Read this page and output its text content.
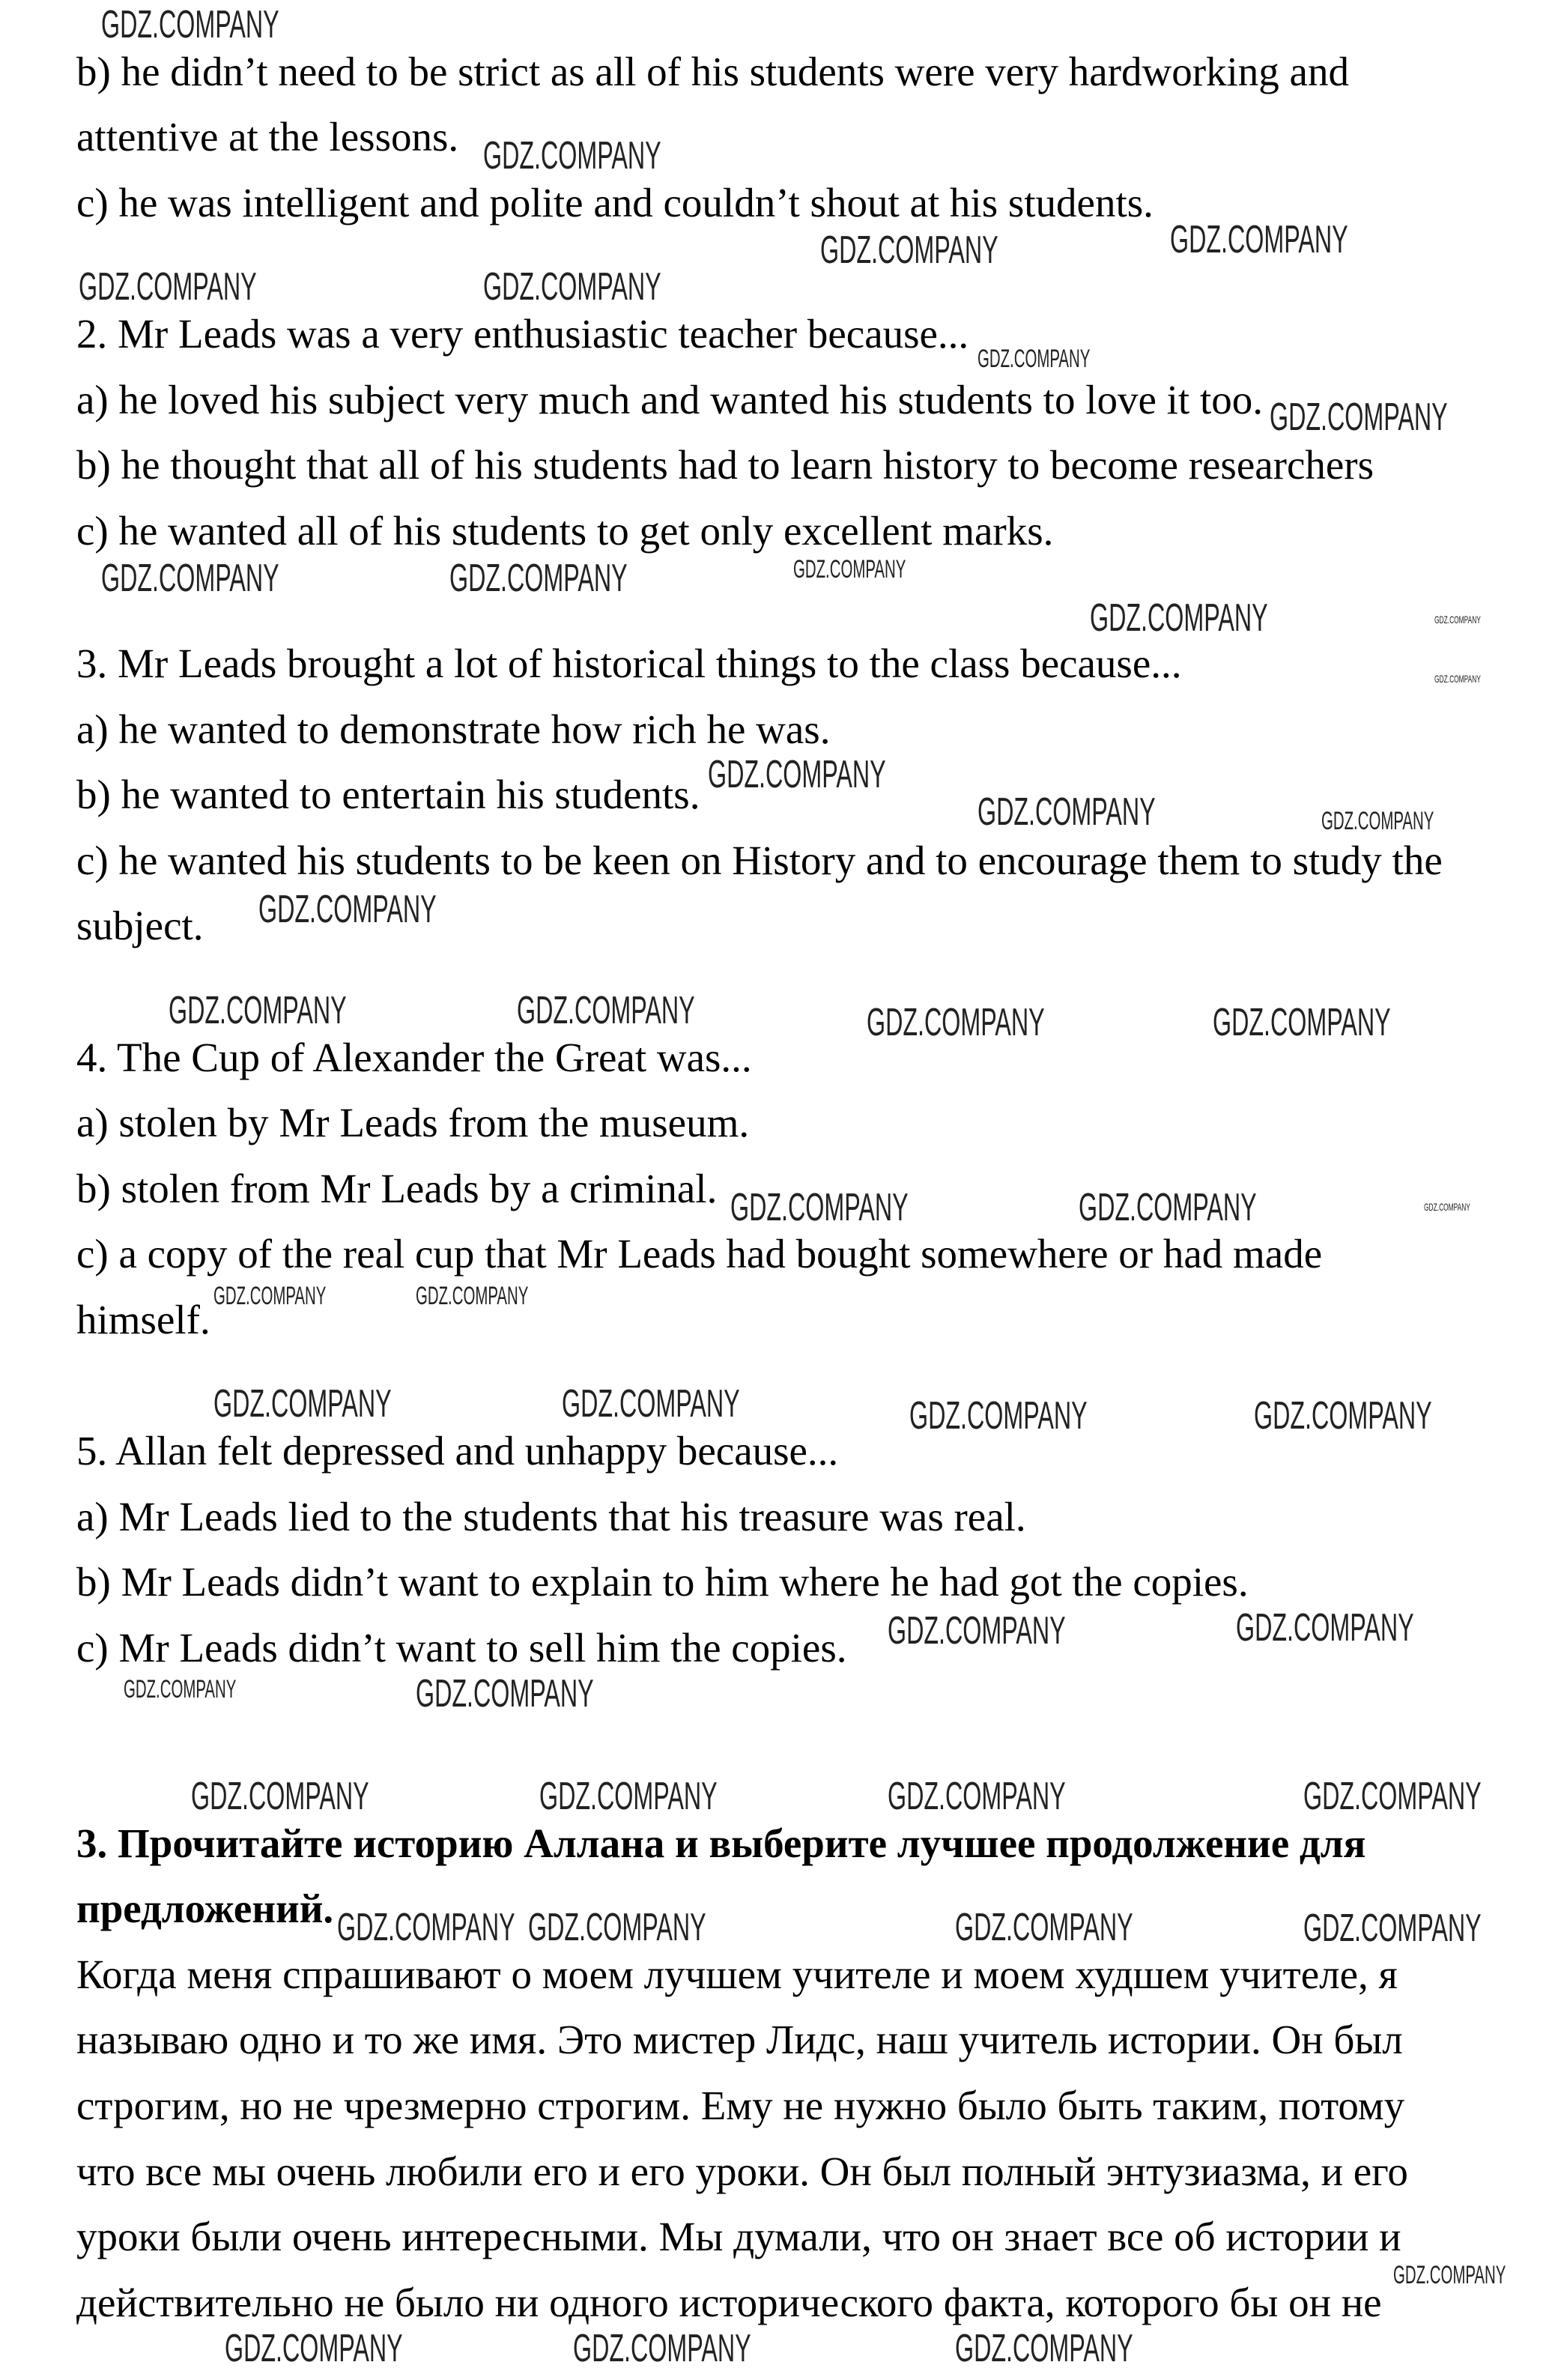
b) he didn’t need to be strict as all of his students were very hardworking and
attentive at the lessons.
c) he was intelligent and polite and couldn’t shout at his students.
2. Mr Leads was a very enthusiastic teacher because...
a) he loved his subject very much and wanted his students to love it too.
b) he thought that all of his students had to learn history to become researchers
c) he wanted all of his students to get only excellent marks.
3. Mr Leads brought a lot of historical things to the class because...
a) he wanted to demonstrate how rich he was.
b) he wanted to entertain his students.
c) he wanted his students to be keen on History and to encourage them to study the
subject.
4. The Cup of Alexander the Great was...
a) stolen by Mr Leads from the museum.
b) stolen from Mr Leads by a criminal.
c) a copy of the real cup that Mr Leads had bought somewhere or had made
himself.
5. Allan felt depressed and unhappy because...
a) Mr Leads lied to the students that his treasure was real.
b) Mr Leads didn’t want to explain to him where he had got the copies.
c) Mr Leads didn’t want to sell him the copies.
3. Прочитайте историю Аллана и выберите лучшее продолжение для
предложений.
Когда меня спрашивают о моем лучшем учителе и моем худшем учителе, я
называю одно и то же имя. Это мистер Лидс, наш учитель истории. Он был
строгим, но не чрезмерно строгим. Ему не нужно было быть таким, потому
что все мы очень любили его и его уроки. Он был полный энтузиазма, и его
уроки были очень интересными. Мы думали, что он знает все об истории и
действительно не было ни одного исторического факта, которого бы он не
GDZ.COMPANY
GDZ.COMPANY
GDZ.COMPANY	GDZ.COMPANY
GDZ.COMPANY	GDZ.COMPANY
GDZ.COMPANY
GDZ.COMPANY
GDZ.COMPANY	GDZ.COMPANY	GDZ.COMPANY
GDZ.COMPANY	GDZ.COMPANY
GDZ.COMPANY
GDZ.COMPANY
GDZ.COMPANY
GDZ.COMPANY	GDZ.COMPANY
GDZ.COMPANY	GDZ.COMPANY	GDZ.COMPANY	GDZ.COMPANY
GDZ.COMPANY	GDZ.COMPANY
GDZ.COMPANY	GDZ.COMPANY	GDZ.COMPANY
GDZ.COMPANY	GDZ.COMPANY	GDZ.COMPANY	GDZ.COMPANY
GDZ.COMPANY	GDZ.COMPANY
GDZ.COMPANY	GDZ.COMPANY
GDZ.COMPANY	GDZ.COMPANY	GDZ.COMPANY	GDZ.COMPANY
GDZ.COMPANY GDZ.COMPANY	GDZ.COMPANY	GDZ.COMPANY
GDZ.COMPANY	GDZ.COMPANY	GDZ.COMPANY
GDZ.COMPANY
